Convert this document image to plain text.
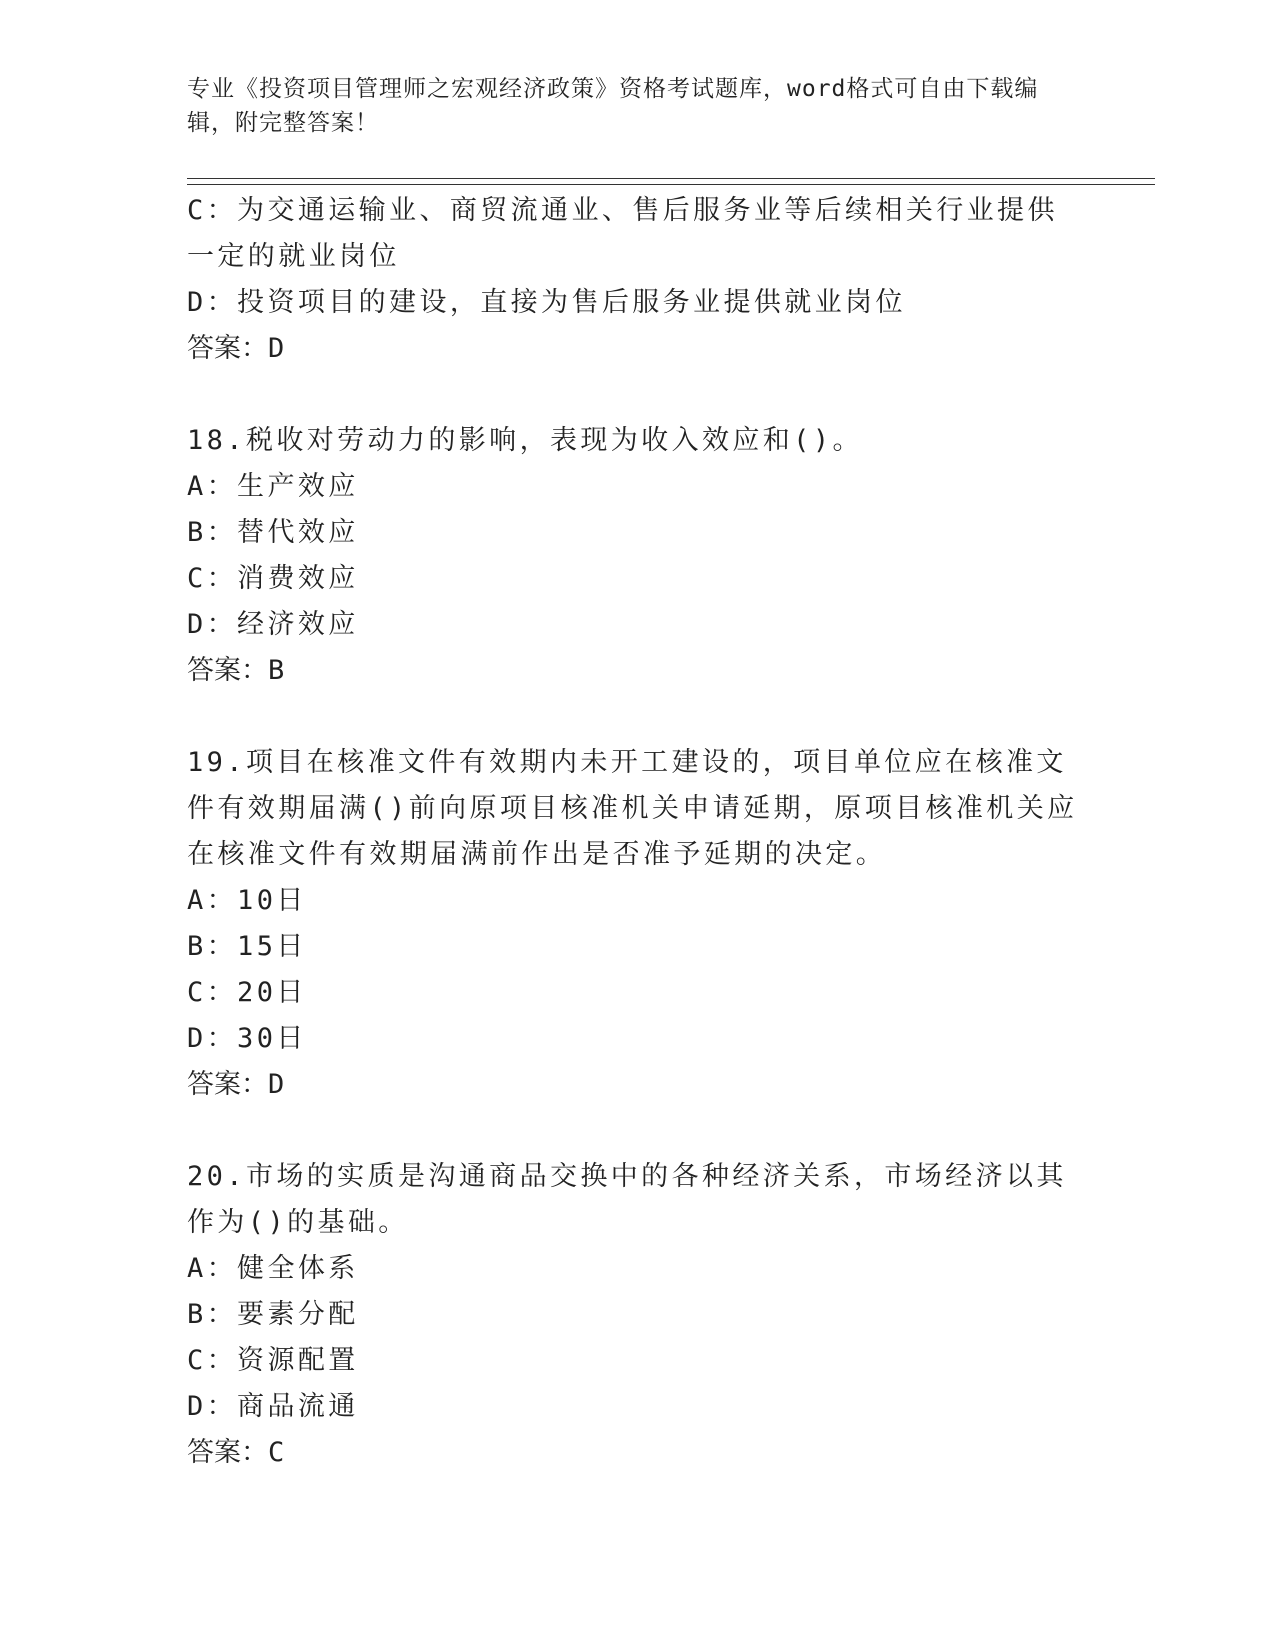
专业《投资项目管理师之宏观经济政策》资格考试题库，word格式可自由下载编辑，附完整答案！
C：为交通运输业、商贸流通业、售后服务业等后续相关行业提供一定的就业岗位
D：投资项目的建设，直接为售后服务业提供就业岗位
答案：D
18.税收对劳动力的影响，表现为收入效应和()。
A：生产效应
B：替代效应
C：消费效应
D：经济效应
答案：B
19.项目在核准文件有效期内未开工建设的，项目单位应在核准文件有效期届满()前向原项目核准机关申请延期，原项目核准机关应在核准文件有效期届满前作出是否准予延期的决定。
A：10日
B：15日
C：20日
D：30日
答案：D
20.市场的实质是沟通商品交换中的各种经济关系，市场经济以其作为()的基础。
A：健全体系
B：要素分配
C：资源配置
D：商品流通
答案：C
